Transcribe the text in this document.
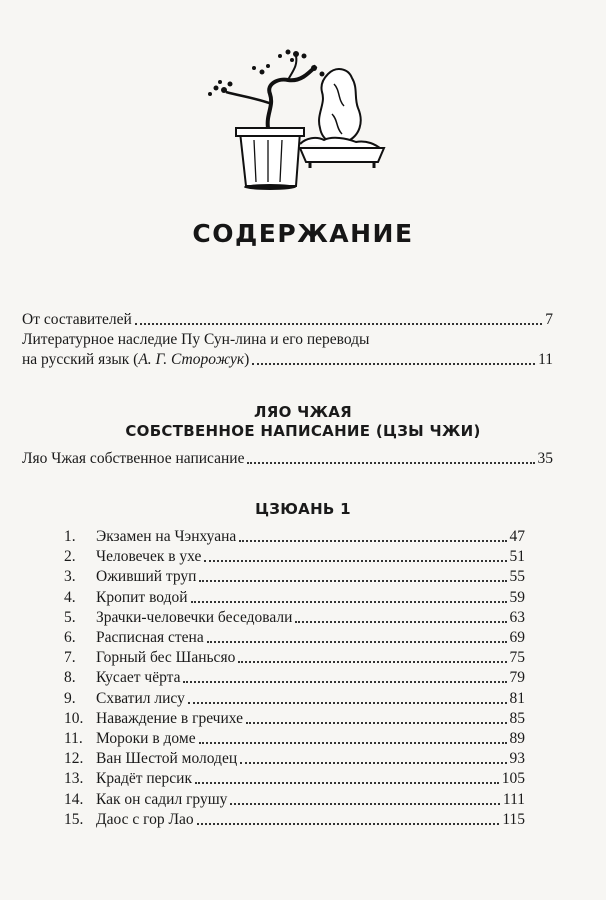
СОДЕРЖАНИЕ
От составителей	7
Литературное наследие Пу Сун-лина и его переводы
на русский язык (А. Г. Сторожук)	11
ЛЯО ЧЖАЯ
СОБСТВЕННОЕ НАПИСАНИЕ (ЦЗЫ ЧЖИ)
Ляо Чжая собственное написание	35
ЦЗЮАНЬ 1
1.	Экзамен на Чэнхуана	47
2.	Человечек в ухе	51
3.	Оживший труп	55
4.	Кропит водой	59
5.	Зрачки-человечки беседовали	63
6.	Расписная стена	69
7.	Горный бес Шаньсяо	75
8.	Кусает чёрта	79
9.	Схватил лису	81
10. Наваждение в гречихе	85
11. Мороки в доме	89
12. Ван Шестой молодец	93
13. Крадёт персик	105
14. Как он садил грушу	111
15. Даос с гор Лао	115
